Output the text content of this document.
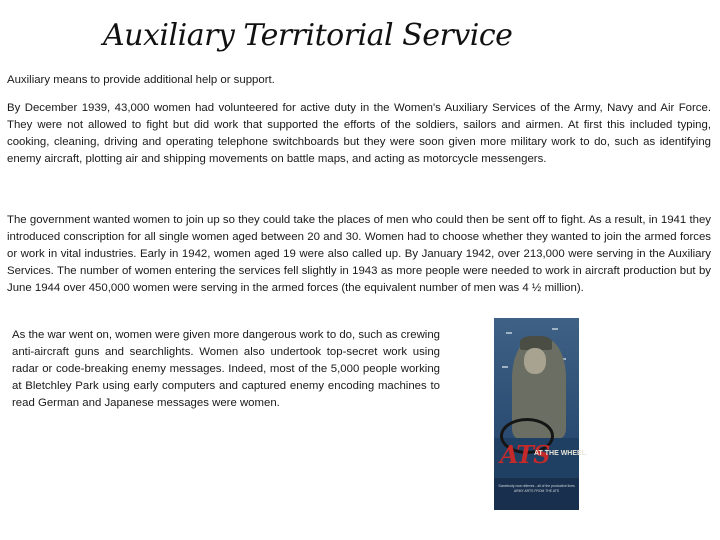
Auxiliary Territorial Service

Auxiliary means to provide additional help or support.

By December 1939, 43,000 women had volunteered for active duty in the Women's Auxiliary Services of the Army, Navy and Air Force. They were not allowed to fight but did work that supported the efforts of the soldiers, sailors and airmen. At first this included typing, cooking, cleaning, driving and operating telephone switchboards but they were soon given more military work to do, such as identifying enemy aircraft, plotting air and shipping movements on battle maps, and acting as motorcycle messengers.

The government wanted women to join up so they could take the places of men who could then be sent off to fight. As a result, in 1941 they introduced conscription for all single women aged between 20 and 30. Women had to choose whether they wanted to join the armed forces or work in vital industries. Early in 1942, women aged 19 were also called up. By January 1942, over 213,000 were serving in the Auxiliary Services. The number of women entering the services fell slightly in 1943 as more people were needed to work in aircraft production but by June 1944 over 450,000 women were serving in the armed forces (the equivalent number of men was 4 ½ million).

As the war went on, women were given more dangerous work to do, such as crewing anti-aircraft guns and searchlights. Women also undertook top-secret work using radar or code-breaking enemy messages. Indeed, most of the 5,000 people working at Bletchley Park using early computers and captured enemy encoding machines to read German and Japanese messages were women.

ATS
AT THE WHEEL
Somebody now relieves - all of the productive lines ARMY ARTS FROM THE ATS
